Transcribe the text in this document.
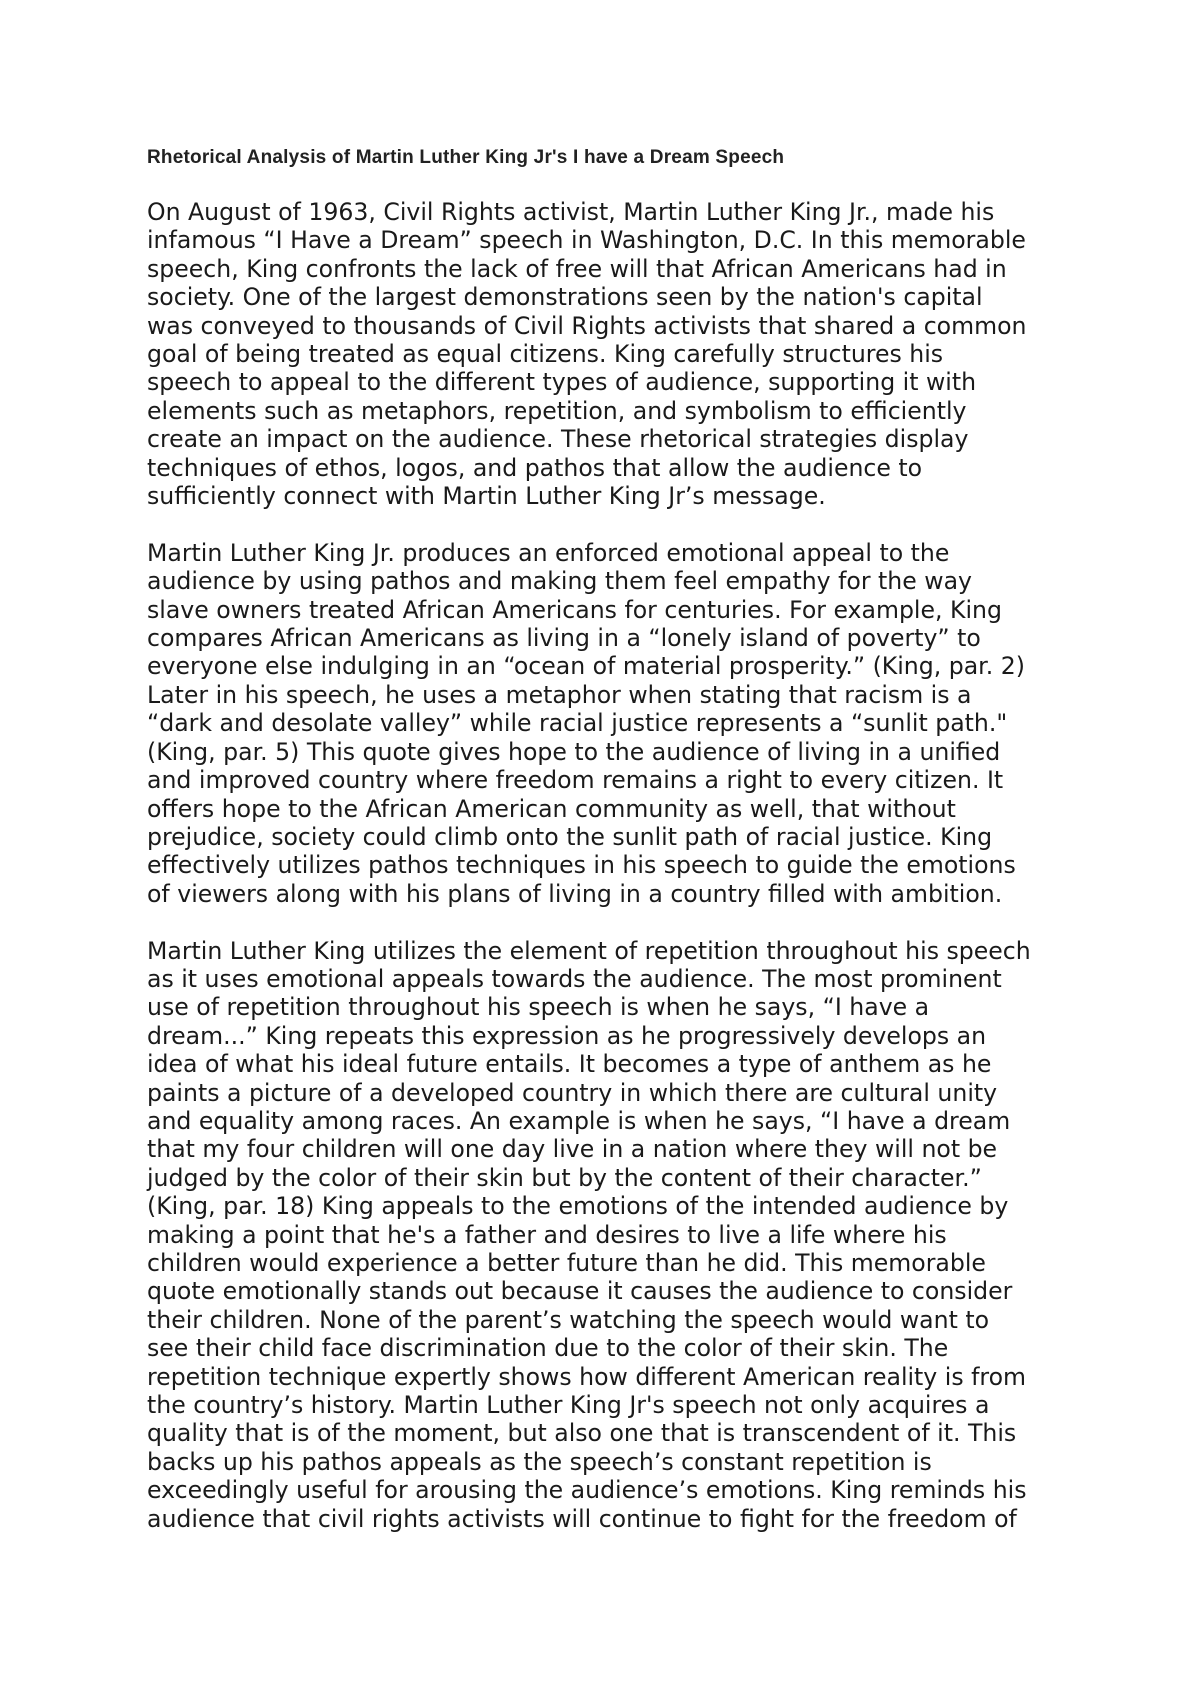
Rhetorical Analysis of Martin Luther King Jr's I have a Dream Speech
On August of 1963, Civil Rights activist, Martin Luther King Jr., made his
infamous “I Have a Dream” speech in Washington, D.C. In this memorable
speech, King confronts the lack of free will that African Americans had in
society. One of the largest demonstrations seen by the nation's capital
was conveyed to thousands of Civil Rights activists that shared a common
goal of being treated as equal citizens. King carefully structures his
speech to appeal to the different types of audience, supporting it with
elements such as metaphors, repetition, and symbolism to efficiently
create an impact on the audience. These rhetorical strategies display
techniques of ethos, logos, and pathos that allow the audience to
sufficiently connect with Martin Luther King Jr’s message.
Martin Luther King Jr. produces an enforced emotional appeal to the
audience by using pathos and making them feel empathy for the way
slave owners treated African Americans for centuries. For example, King
compares African Americans as living in a “lonely island of poverty” to
everyone else indulging in an “ocean of material prosperity.” (King, par. 2)
Later in his speech, he uses a metaphor when stating that racism is a
“dark and desolate valley” while racial justice represents a “sunlit path."
(King, par. 5) This quote gives hope to the audience of living in a unified
and improved country where freedom remains a right to every citizen. It
offers hope to the African American community as well, that without
prejudice, society could climb onto the sunlit path of racial justice. King
effectively utilizes pathos techniques in his speech to guide the emotions
of viewers along with his plans of living in a country filled with ambition.
Martin Luther King utilizes the element of repetition throughout his speech
as it uses emotional appeals towards the audience. The most prominent
use of repetition throughout his speech is when he says, “I have a
dream...” King repeats this expression as he progressively develops an
idea of what his ideal future entails. It becomes a type of anthem as he
paints a picture of a developed country in which there are cultural unity
and equality among races. An example is when he says, “I have a dream
that my four children will one day live in a nation where they will not be
judged by the color of their skin but by the content of their character.”
(King, par. 18) King appeals to the emotions of the intended audience by
making a point that he's a father and desires to live a life where his
children would experience a better future than he did. This memorable
quote emotionally stands out because it causes the audience to consider
their children. None of the parent’s watching the speech would want to
see their child face discrimination due to the color of their skin. The
repetition technique expertly shows how different American reality is from
the country’s history. Martin Luther King Jr's speech not only acquires a
quality that is of the moment, but also one that is transcendent of it. This
backs up his pathos appeals as the speech’s constant repetition is
exceedingly useful for arousing the audience’s emotions. King reminds his
audience that civil rights activists will continue to fight for the freedom of
